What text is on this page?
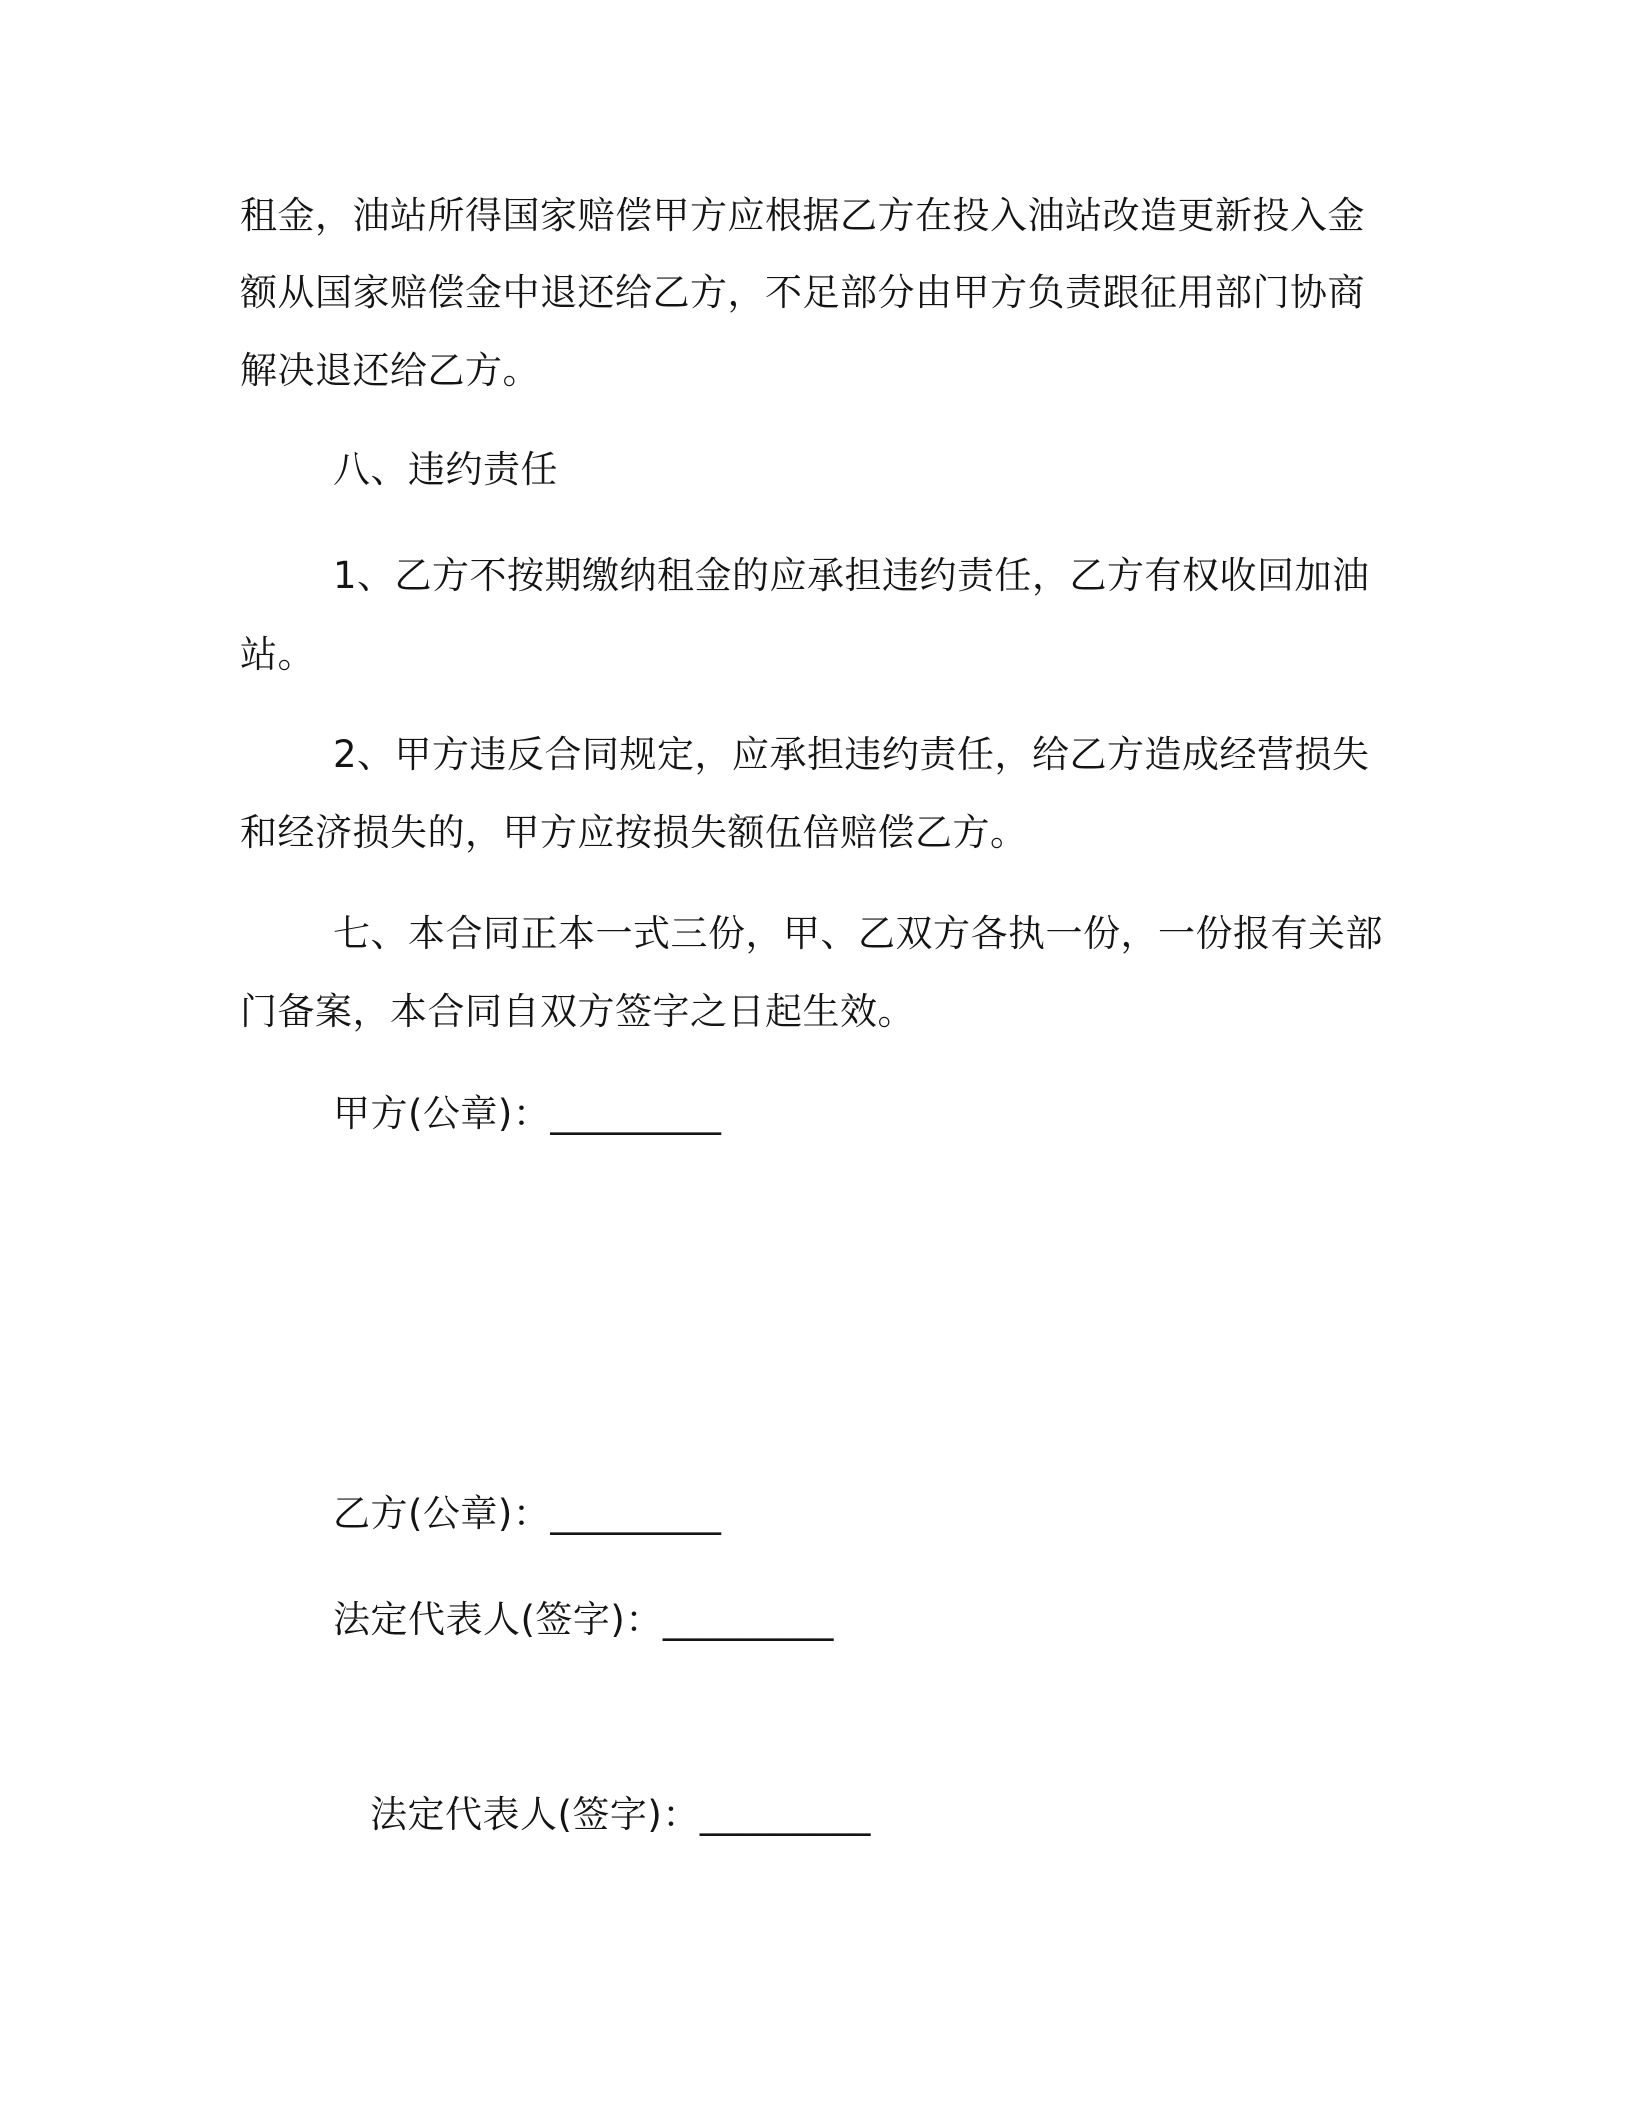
租金，油站所得国家赔偿甲方应根据乙方在投入油站改造更新投入金
额从国家赔偿金中退还给乙方，不足部分由甲方负责跟征用部门协商
解决退还给乙方。
八、违约责任
1、乙方不按期缴纳租金的应承担违约责任，乙方有权收回加油
站。
2、甲方违反合同规定，应承担违约责任，给乙方造成经营损失
和经济损失的，甲方应按损失额伍倍赔偿乙方。
七、本合同正本一式三份，甲、乙双方各执一份，一份报有关部
门备案，本合同自双方签字之日起生效。
甲方(公章)：_________
乙方(公章)：_________
法定代表人(签字)：_________
法定代表人(签字)：_________
